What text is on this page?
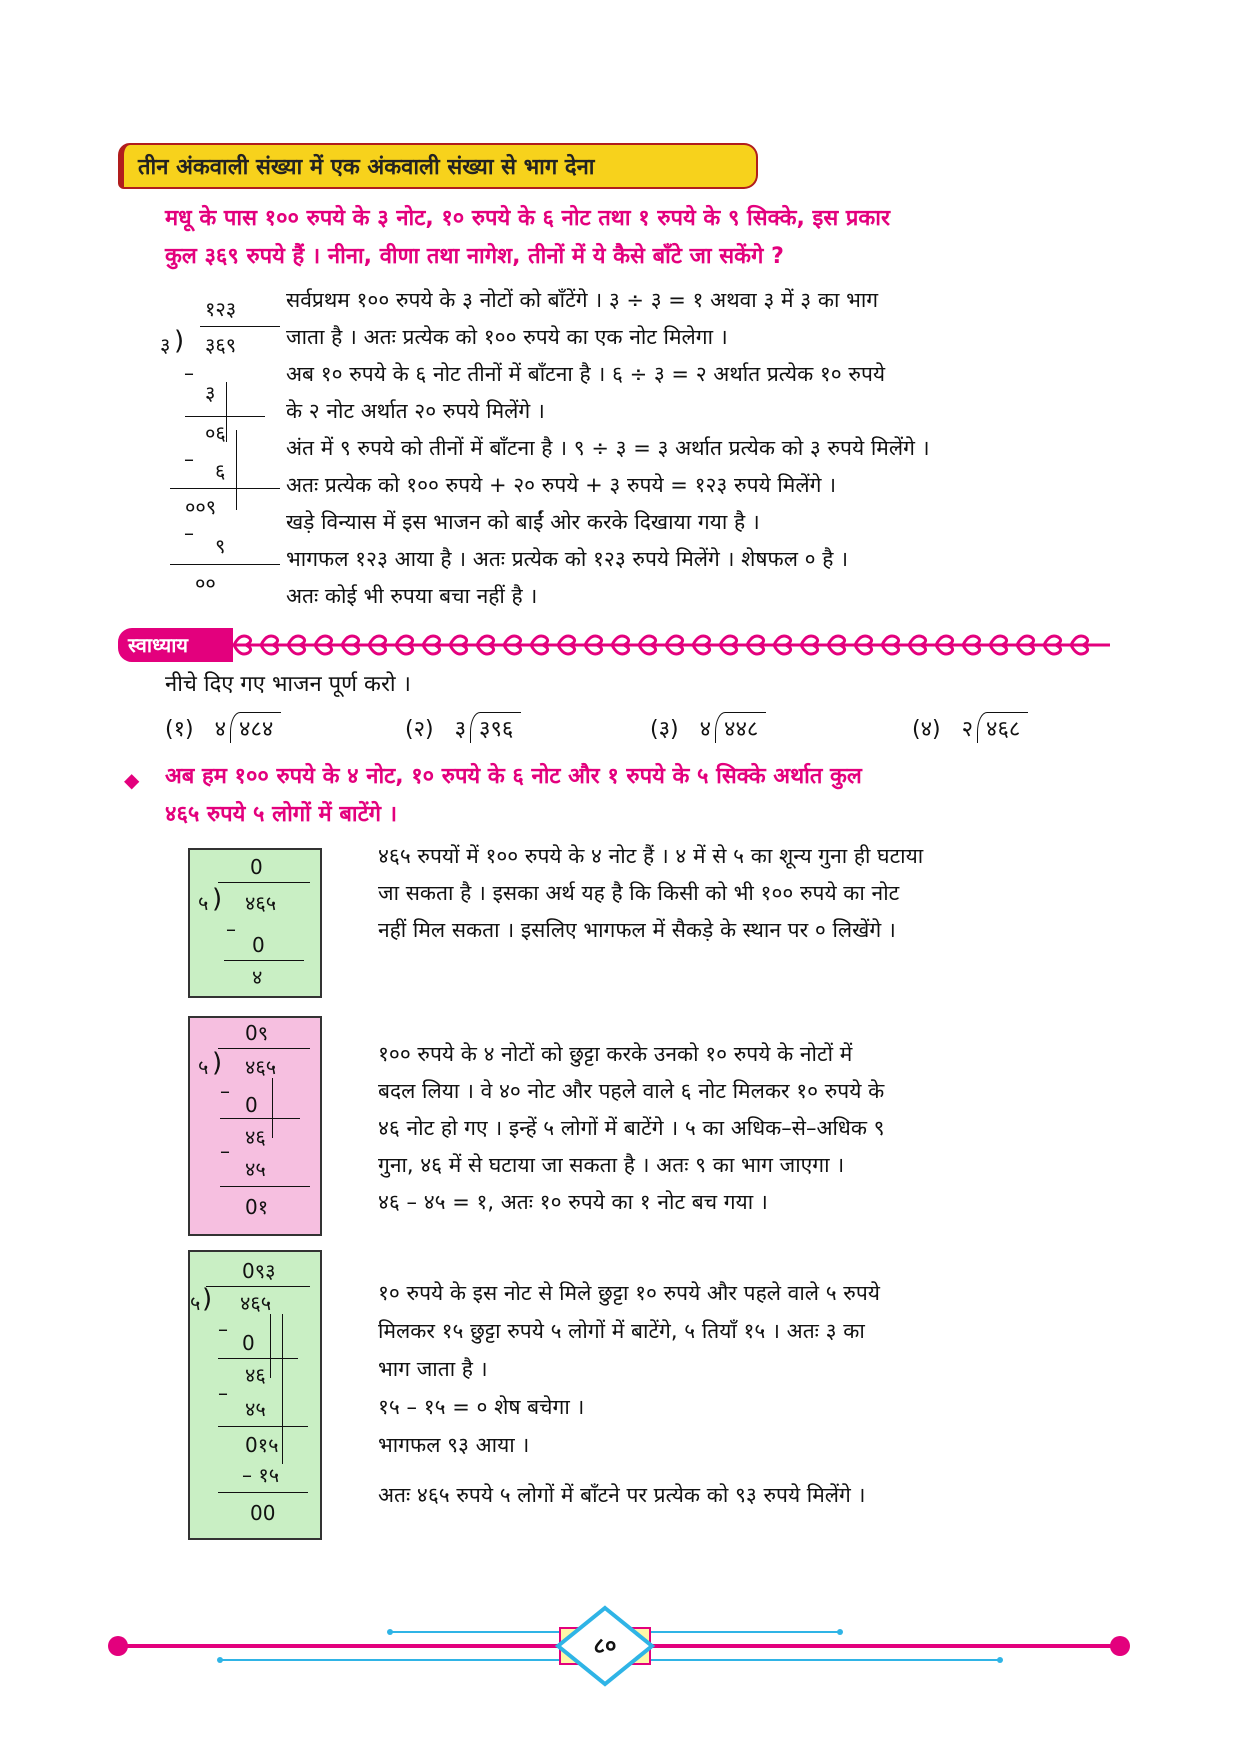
तीन अंकवाली संख्या में एक अंकवाली संख्या से भाग देना
मधू के पास १०० रुपये के ३ नोट, १० रुपये के ६ नोट तथा १ रुपये के ९ सिक्के, इस प्रकार
कुल ३६९ रुपये हैं । नीना, वीणा तथा नागेश, तीनों में ये कैसे बाँटे जा सकेंगे ?
१२३
३ ) ३६९
–
३
०६
– ६
००९
–
९
००
सर्वप्रथम १०० रुपये के ३ नोटों को बाँटेंगे । ३ ÷ ३ = १ अथवा ३ में ३ का भाग
जाता है । अतः प्रत्येक को १०० रुपये का एक नोट मिलेगा ।
अब १० रुपये के ६ नोट तीनों में बाँटना है । ६ ÷ ३ = २ अर्थात प्रत्येक १० रुपये
के २ नोट अर्थात २० रुपये मिलेंगे ।
अंत में ९ रुपये को तीनों में बाँटना है । ९ ÷ ३ = ३ अर्थात प्रत्येक को ३ रुपये मिलेंगे ।
अतः प्रत्येक को १०० रुपये + २० रुपये + ३ रुपये = १२३ रुपये मिलेंगे ।
खड़े विन्यास में इस भाजन को बाईं ओर करके दिखाया गया है ।
भागफल १२३ आया है । अतः प्रत्येक को १२३ रुपये मिलेंगे । शेषफल ० है ।
अतः कोई भी रुपया बचा नहीं है ।
स्वाध्याय
नीचे दिए गए भाजन पूर्ण करो ।
(१) ४ ४८४	(२) ३ ३९६	(३) ४ ४४८	(४) २ ४६८
◆ अब हम १०० रुपये के ४ नोट, १० रुपये के ६ नोट और १ रुपये के ५ सिक्के अर्थात कुल
४६५ रुपये ५ लोगों में बाटेंगे ।
0
५ ) ४६५
–
0
४
४६५ रुपयों में १०० रुपये के ४ नोट हैं । ४ में से ५ का शून्य गुना ही घटाया
जा सकता है । इसका अर्थ यह है कि किसी को भी १०० रुपये का नोट
नहीं मिल सकता । इसलिए भागफल में सैकड़े के स्थान पर ० लिखेंगे ।
0९
५ ) ४६५
–
0
४६
–
४५
0१
१०० रुपये के ४ नोटों को छुट्टा करके उनको १० रुपये के नोटों में
बदल लिया । वे ४० नोट और पहले वाले ६ नोट मिलकर १० रुपये के
४६ नोट हो गए । इन्हें ५ लोगों में बाटेंगे । ५ का अधिक–से–अधिक ९
गुना, ४६ में से घटाया जा सकता है । अतः ९ का भाग जाएगा ।
४६ – ४५ = १, अतः १० रुपये का १ नोट बच गया ।
0९३
५ ) ४६५
–
0
४६
–
४५
0१५
– १५
00
१० रुपये के इस नोट से मिले छुट्टा १० रुपये और पहले वाले ५ रुपये
मिलकर १५ छुट्टा रुपये ५ लोगों में बाटेंगे, ५ तियाँ १५ । अतः ३ का
भाग जाता है ।
१५ – १५ = ० शेष बचेगा ।
भागफल ९३ आया ।
अतः ४६५ रुपये ५ लोगों में बाँटने पर प्रत्येक को ९३ रुपये मिलेंगे ।
८०
